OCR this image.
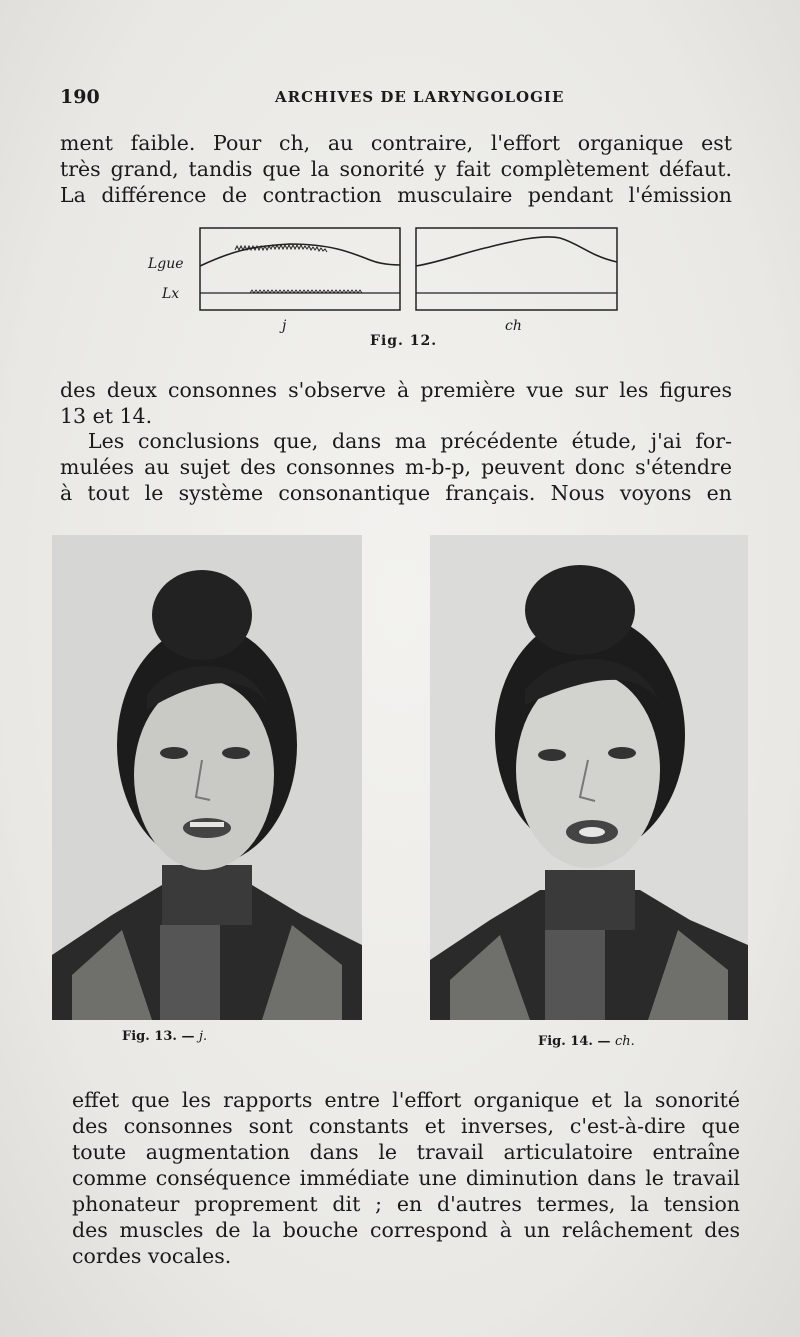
190	ARCHIVES DE LARYNGOLOGIE

ment faible. Pour ch, au contraire, l'effort organique est
très grand, tandis que la sonorité y fait complètement défaut.
La différence de contraction musculaire pendant l'émission

Lgue
Lx
j	ch
Fig. 12.

des deux consonnes s'observe à première vue sur les figures
13 et 14.

Les conclusions que, dans ma précédente étude, j'ai for-
mulées au sujet des consonnes m-b-p, peuvent donc s'étendre
à tout le système consonantique français. Nous voyons en

Fig. 13. — j.	Fig. 14. — ch.

effet que les rapports entre l'effort organique et la sonorité
des consonnes sont constants et inverses, c'est-à-dire que
toute augmentation dans le travail articulatoire entraîne
comme conséquence immédiate une diminution dans le travail
phonateur proprement dit ; en d'autres termes, la tension
des muscles de la bouche correspond à un relâchement des
cordes vocales.
